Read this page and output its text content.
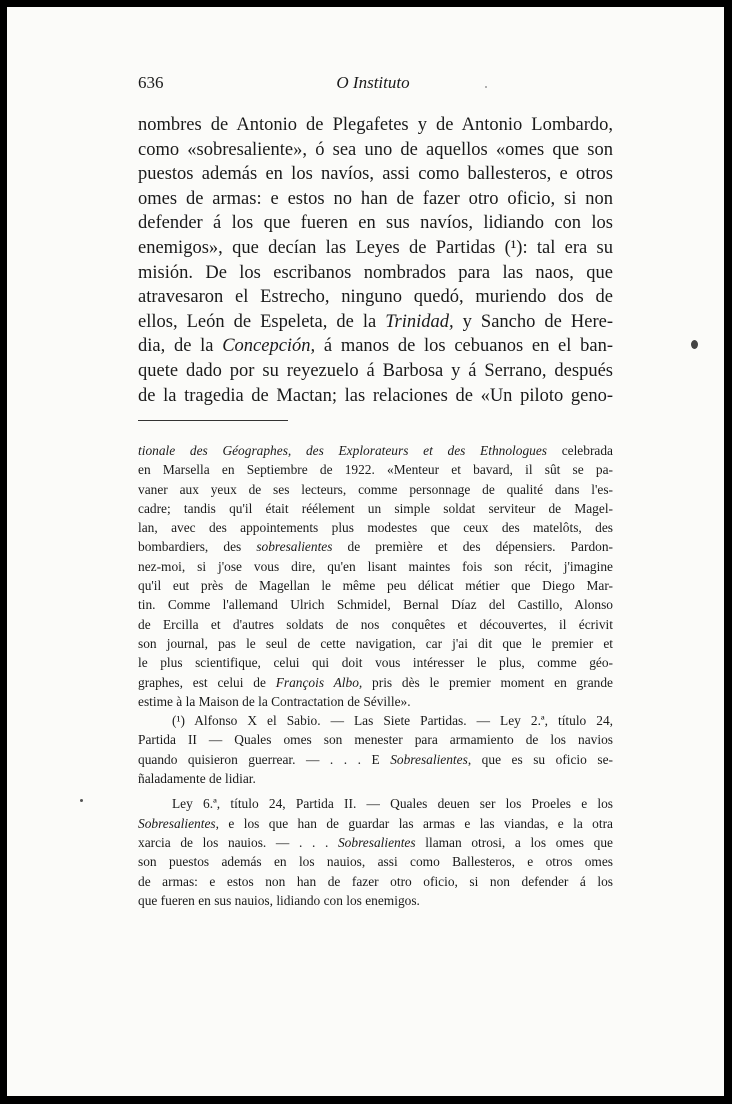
636	O Instituto
nombres de Antonio de Plegafetes y de Antonio Lombardo,
como «sobresaliente», ó sea uno de aquellos «omes que son
puestos además en los navíos, assi como ballesteros, e otros
omes de armas: e estos no han de fazer otro oficio, si non
defender á los que fueren en sus navíos, lidiando con los
enemigos», que decían las Leyes de Partidas (¹): tal era su
misión. De los escribanos nombrados para las naos, que
atravesaron el Estrecho, ninguno quedó, muriendo dos de
ellos, León de Espeleta, de la Trinidad, y Sancho de Here-
dia, de la Concepción, á manos de los cebuanos en el ban-
quete dado por su reyezuelo á Barbosa y á Serrano, después
de la tragedia de Mactan; las relaciones de «Un piloto geno-
tionale des Géographes, des Explorateurs et des Ethnologues celebrada
en Marsella en Septiembre de 1922. «Menteur et bavard, il sût se pa-
vaner aux yeux de ses lecteurs, comme personnage de qualité dans l'es-
cadre; tandis qu'il était réélement un simple soldat serviteur de Magel-
lan, avec des appointements plus modestes que ceux des matelôts, des
bombardiers, des sobresalientes de première et des dépensiers. Pardon-
nez-moi, si j'ose vous dire, qu'en lisant maintes fois son récit, j'imagine
qu'il eut près de Magellan le même peu délicat métier que Diego Mar-
tin. Comme l'allemand Ulrich Schmidel, Bernal Díaz del Castillo, Alonso
de Ercilla et d'autres soldats de nos conquêtes et découvertes, il écrivit
son journal, pas le seul de cette navigation, car j'ai dit que le premier et
le plus scientifique, celui qui doit vous intéresser le plus, comme géo-
graphes, est celui de François Albo, pris dès le premier moment en grande
estime à la Maison de la Contractation de Séville».
(¹) Alfonso X el Sabio. — Las Siete Partidas. — Ley 2.ª, título 24,
Partida II — Quales omes son menester para armamiento de los navios
quando quisieron guerrear. — . . . E Sobresalientes, que es su oficio se-
ñaladamente de lidiar.
Ley 6.ª, título 24, Partida II. — Quales deuen ser los Proeles e los
Sobresalientes, e los que han de guardar las armas e las viandas, e la otra
xarcia de los nauios. — . . . Sobresalientes llaman otrosi, a los omes que
son puestos además en los nauios, assi como Ballesteros, e otros omes
de armas: e estos non han de fazer otro oficio, si non defender á los
que fueren en sus nauios, lidiando con los enemigos.
